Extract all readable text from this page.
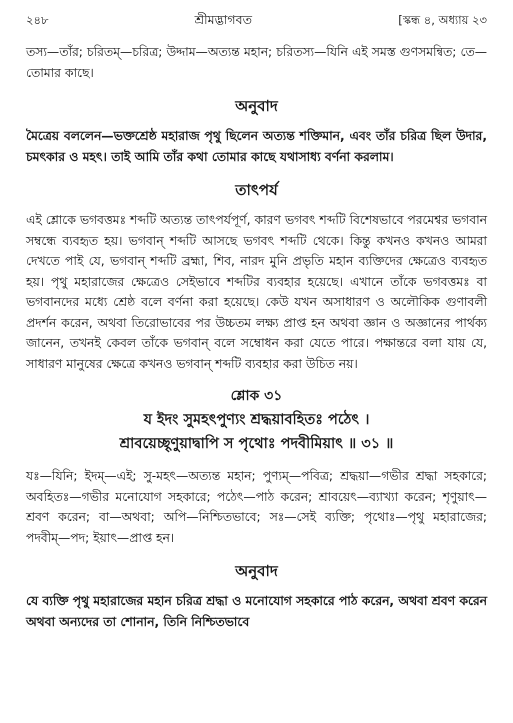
২৪৮	শ্রীমদ্ভাগবত	[স্কন্ধ ৪, অধ্যায় ২৩

তস্য—তাঁর; চরিতম্—চরিত্র; উদ্দাম—অত্যন্ত মহান; চরিতস্য—যিনি এই সমস্ত গুণসমন্বিত; তে—তোমার কাছে।

অনুবাদ

মৈত্রেয় বললেন—ভক্তশ্রেষ্ঠ মহারাজ পৃথু ছিলেন অত্যন্ত শক্তিমান, এবং তাঁর চরিত্র ছিল উদার, চমৎকার ও মহৎ। তাই আমি তাঁর কথা তোমার কাছে যথাসাধ্য বর্ণনা করলাম।

তাৎপর্য

এই শ্লোকে ভগবত্তমঃ শব্দটি অত্যন্ত তাৎপর্যপূর্ণ, কারণ ভগবৎ শব্দটি বিশেষভাবে পরমেশ্বর ভগবান সম্বন্ধে ব্যবহৃত হয়। ভগবান্ শব্দটি আসছে ভগবৎ শব্দটি থেকে। কিন্তু কখনও কখনও আমরা দেখতে পাই যে, ভগবান্ শব্দটি ব্রহ্মা, শিব, নারদ মুনি প্রভৃতি মহান ব্যক্তিদের ক্ষেত্রেও ব্যবহৃত হয়। পৃথু মহারাজের ক্ষেত্রেও সেইভাবে শব্দটির ব্যবহার হয়েছে। এখানে তাঁকে ভগবত্তমঃ বা ভগবানদের মধ্যে শ্রেষ্ঠ বলে বর্ণনা করা হয়েছে। কেউ যখন অসাধারণ ও অলৌকিক গুণাবলী প্রদর্শন করেন, অথবা তিরোভাবের পর উচ্চতম লক্ষ্য প্রাপ্ত হন অথবা জ্ঞান ও অজ্ঞানের পার্থক্য জানেন, তখনই কেবল তাঁকে ভগবান্ বলে সম্বোধন করা যেতে পারে। পক্ষান্তরে বলা যায় যে, সাধারণ মানুষের ক্ষেত্রে কখনও ভগবান্ শব্দটি ব্যবহার করা উচিত নয়।

শ্লোক ৩১
য ইদং সুমহৎপুণ্যং শ্রদ্ধয়াবহিতঃ পঠেৎ ।
শ্রাবয়েচ্ছৃণুয়াদ্বাপি স পৃথোঃ পদবীমিয়াৎ ॥ ৩১ ॥

যঃ—যিনি; ইদম্—এই; সু-মহৎ—অত্যন্ত মহান; পুণ্যম্—পবিত্র; শ্রদ্ধয়া—গভীর শ্রদ্ধা সহকারে; অবহিতঃ—গভীর মনোযোগ সহকারে; পঠেৎ—পাঠ করেন; শ্রাবয়েৎ—ব্যাখ্যা করেন; শৃণুয়াৎ—শ্রবণ করেন; বা—অথবা; অপি—নিশ্চিতভাবে; সঃ—সেই ব্যক্তি; পৃথোঃ—পৃথু মহারাজের; পদবীম্—পদ; ইয়াৎ—প্রাপ্ত হন।

অনুবাদ

যে ব্যক্তি পৃথু মহারাজের মহান চরিত্র শ্রদ্ধা ও মনোযোগ সহকারে পাঠ করেন, অথবা শ্রবণ করেন অথবা অন্যদের তা শোনান, তিনি নিশ্চিতভাবে
